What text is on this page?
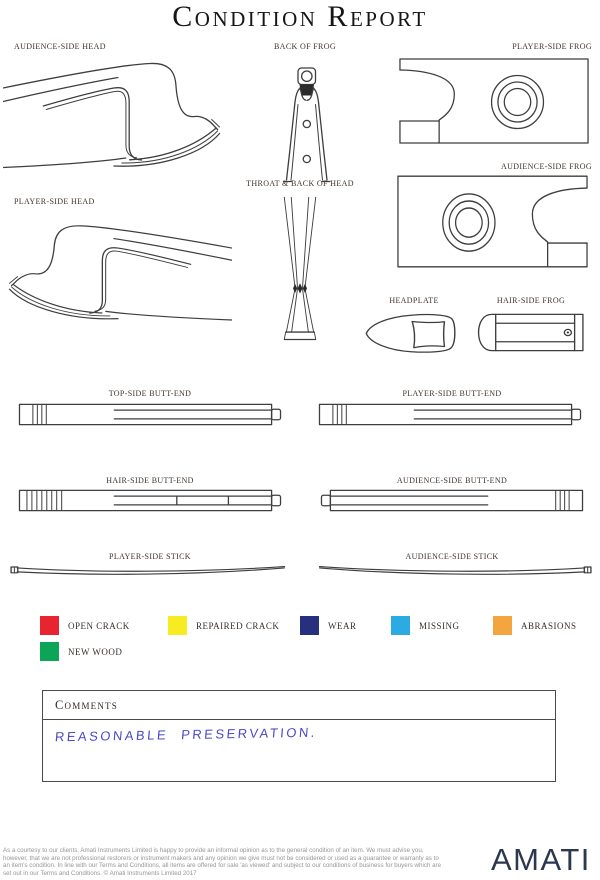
Condition Report
AUDIENCE-SIDE HEAD	BACK OF FROG	PLAYER-SIDE FROG
AUDIENCE-SIDE FROG
PLAYER-SIDE HEAD
THROAT & BACK OF HEAD
HEADPLATE	HAIR-SIDE FROG
TOP-SIDE BUTT-END	PLAYER-SIDE BUTT-END
HAIR-SIDE BUTT-END	AUDIENCE-SIDE BUTT-END
PLAYER-SIDE STICK	AUDIENCE-SIDE STICK
OPEN CRACK	REPAIRED CRACK	WEAR	MISSING	ABRASIONS
NEW WOOD
Comments
REASONABLE PRESERVATION.
As a courtesy to our clients, Amati Instruments Limited is happy to provide an informal opinion as to the general condition of an item. We must advise you, however, that we are not professional restorers or instrument makers and any opinion we give must not be considered or used as a guarantee or warranty as to an item's condition. In line with our Terms and Conditions, all items are offered for sale 'as viewed' and subject to our conditions of business for buyers which are set out in our Terms and Conditions. © Amati Instruments Limited 2017	AMATI
